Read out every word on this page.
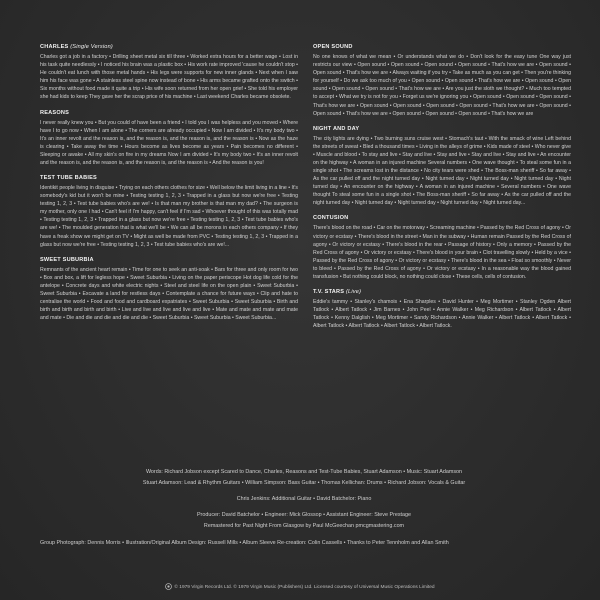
CHARLES (Single Version)

Charles got a job in a factory • Drilling sheet metal six till three • Worked extra hours for a better wage • Lost in his task quite needlessly • I noticed his brain was a plastic box • His work rate improved 'cause he couldn't stop • He couldn't eat lunch with those metal hands • His legs were supports for new inner glands • Next when I saw him his face was gone • A stainless steel spine now instead of bone • His arms became grafted onto the switch • Six months without food made it quite a trip • His wife soon returned from her open grief • She told his employer she had kids to keep They gave her the scrap price of his machine • Last weekend Charles became obsolete.

REASONS

I never really knew you • But you could of have been a friend • I told you I was helpless and you moved • Where have I to go now • When I am alone • The corners are already occupied • Now I am divided • It's my body two • It's an inner revolt and the reason is, and the reason is, and the reason is, and the reason is • Now as the haze is clearing • Take away the time • Hours become as lives become as years • Pain becomes no different • Sleeping or awake • All my skin's on fire in my dreams Now I am divided • It's my body two • It's an inner revolt and the reason is, and the reason is, and the reason is, and the reason is • And the reason is you!

TEST TUBE BABIES

Identikit people living in disguise • Trying on each others clothes for size • Well below the limit living in a line • It's somebody's kid but it won't be mine • Testing testing 1, 2, 3 • Trapped in a glass but now we're free • Testing testing 1, 2, 3 • Test tube babies who's are we! • Is that man my brother is that man my dad? • The surgeon is my mother, only one I had • Can't feel if I'm happy, can't feel if I'm sad • Whoever thought of this was totally mad • Testing testing 1, 2, 3 • Trapped in a glass but now we're free • Testing testing 1, 2, 3 • Test tube babies who's are we! • The moulded generation that is what we'll be • We can all be morons in each others company • If they have a freak show we might get on TV • Might as well be made from PVC • Testing testing 1, 2, 3 • Trapped in a glass but now we're free • Testing testing 1, 2, 3 • Test tube babies who's are we!...

SWEET SUBURBIA

Remnants of the ancient heart remain • Time for one to seek an anti-soak • Bars for three and only room for two • Box and box, a lift for legless hope • Sweet Suburbia • Living on the paper periscope Hot dog life cold for the antelope • Concrete days and white electric nights • Steel and steel life on the open plain • Sweet Suburbia • Sweet Suburbia • Excavate a land for restless days • Contemplate a chance for future ways • Clip and hate to centralise the world • Food and food and cardboard expatriates • Sweet Suburbia • Sweet Suburbia • Birth and birth and birth and birth and birth • Live and live and live and live and live • Mate and mate and mate and mate and mate • Die and die and die and die and die • Sweet Suburbia • Sweet Suburbia • Sweet Suburbia...

OPEN SOUND

No one knows of what we mean • Or understands what we do • Don't look for the easy tune One way just restricts our view • Open sound • Open sound • Open sound • Open sound • That's how we are • Open sound • Open sound • That's how we are • Always waiting if you try • Take as much as you can get • Then you're thinking for yourself • Do we ask too much of you • Open sound • Open sound • That's how we are • Open sound • Open sound • Open sound • Open sound • That's how we are • Are you just the sloth we thought? • Much too tempted to accept • What we try is not for you • Forget us we're ignoring you • Open sound • Open sound • Open sound • That's how we are • Open sound • Open sound • Open sound • Open sound • That's how we are • Open sound • Open sound • That's how we are • Open sound • Open sound • Open sound • That's how we are

NIGHT AND DAY

The city lights are dying • Two burning suns cruise west • Stomach's taut • With the smack of wine Left behind the streets of sweat • Bled a thousand times • Living in the alleys of grime • Kids made of steel • Who never give • Muscle and blood • To stay and live • Stay and live • Stay and live • Stay and live • Stay and live • An encounter on the highway • A woman in an injured machine Several numbers • One wave thought • To steal some fun in a single shot • The screams lost in the distance • No city tears were shed • The Boss-man sheriff • So far away • As the car pulled off and the night turned day • Night turned day • Night turned day • Night turned day • Night turned day • An encounter on the highway • A woman in an injured machine • Several numbers • One wave thought To steal some fun in a single shot • The Boss-man sheriff • So far away • As the car pulled off and the night turned day • Night turned day • Night turned day • Night turned day • Night turned day...

CONTUSION

There's blood on the road • Car on the motorway • Screaming machine • Passed by the Red Cross of agony • Or victory or ecstasy • There's blood in the street • Man in the subway • Human remain Passed by the Red Cross of agony • Or victory or ecstasy • There's blood in the rear • Passage of history • Only a memory • Passed by the Red Cross of agony • Or victory or ecstasy • There's blood in your brain • Clot travelling slowly • Held by a vice • Passed by the Red Cross of agony • Or victory or ecstasy • There's blood in the sea • Float so smoothly • Never to bleed • Passed by the Red Cross of agony • Or victory or ecstasy • In a reasonable way the blood gained transfusion • But nothing could block, no nothing could close • These cells, cells of contusion.

T.V. STARS (Live)

Eddie's tammy • Stanley's chamois • Ena Sharples • David Hunter • Meg Mortimer • Stanley Ogden Albert Tatlock • Albert Tatlock • Jim Barnes • John Peel • Annie Walker • Meg Richardson • Albert Tatlock • Albert Tatlock • Kenny Dalglish • Meg Mortimer • Sandy Richardson • Annie Walker • Albert Tatlock • Albert Tatlock • Albert Tatlock • Albert Tatlock • Albert Tatlock • Albert Tatlock.

Words: Richard Jobson except Scared to Dance, Charles, Reasons and Test-Tube Babies, Stuart Adamson • Music: Stuart Adamson

Stuart Adamson: Lead & Rhythm Guitars • William Simpson: Bass Guitar • Thomas Kellichan: Drums • Richard Jobson: Vocals & Guitar

Chris Jenkins: Additional Guitar • David Batchelor: Piano

Producer: David Batchelor • Engineer: Mick Glossop • Assistant Engineer: Steve Prestage

Remastered for Past Night From Glasgow by Paul McGeechan pmcgmastering.com

Group Photograph: Dennis Morris • Illustration/Original Album Design: Russell Mills • Album Sleeve Re-creation: Colin Cassells • Thanks to Peter Tennholm and Allan Smith

© 1979 Virgin Records Ltd. © 1979 Virgin Music (Publishers) Ltd. Licensed courtesy of Universal Music Operations Limited
